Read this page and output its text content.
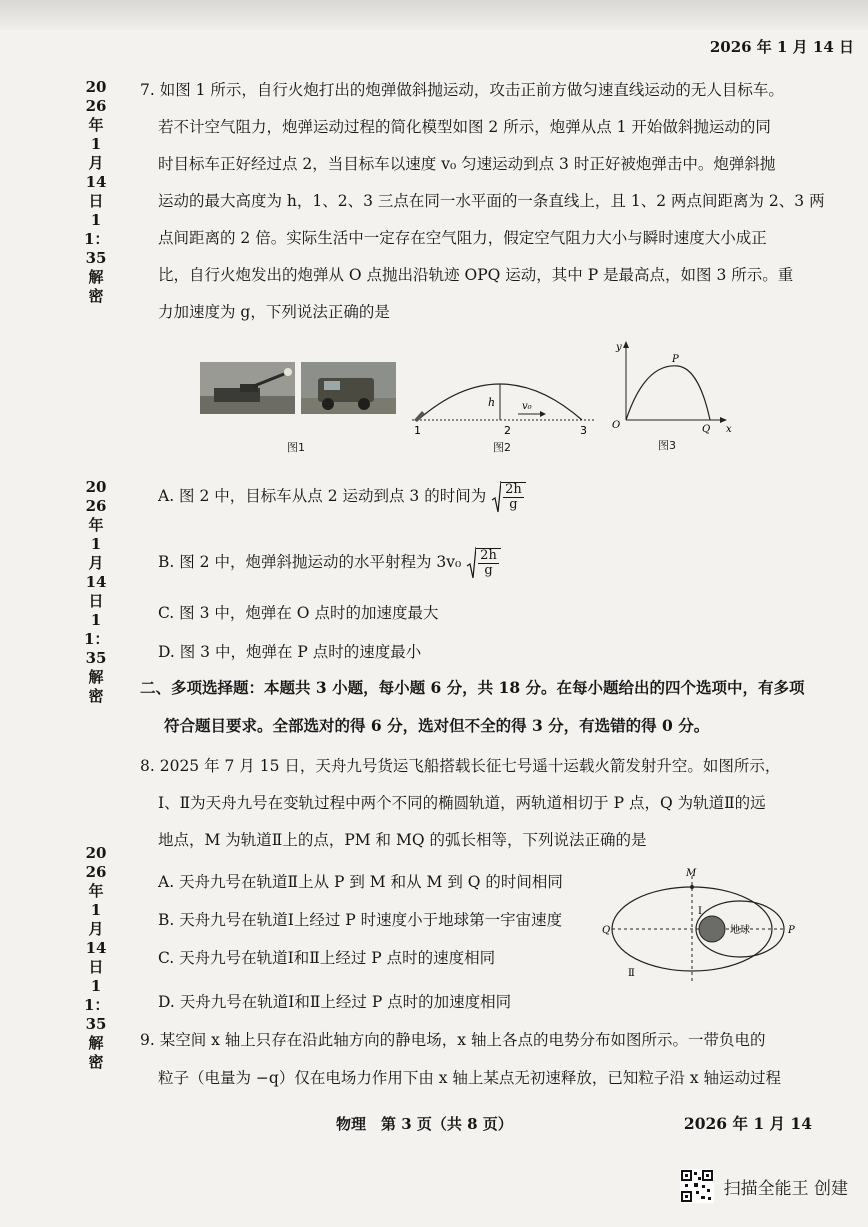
2026 年 1 月 14 日
2026年1月14日11：35解密
2026年1月14日11：35解密
2026年1月14日11：35解密

7. 如图 1 所示，自行火炮打出的炮弹做斜抛运动，攻击正前方做匀速直线运动的无人目标车。

若不计空气阻力，炮弹运动过程的简化模型如图 2 所示，炮弹从点 1 开始做斜抛运动的同

时目标车正好经过点 2，当目标车以速度 v₀ 匀速运动到点 3 时正好被炮弹击中。炮弹斜抛

运动的最大高度为 h，1、2、3 三点在同一水平面的一条直线上，且 1、2 两点间距离为 2、3 两

点间距离的 2 倍。实际生活中一定存在空气阻力，假定空气阻力大小与瞬时速度大小成正

比，自行火炮发出的炮弹从 O 点抛出沿轨迹 OPQ 运动，其中 P 是最高点，如图 3 所示。重

力加速度为 g，下列说法正确的是

图1
1	2	3
h	v₀
图2
y
x
O
P
Q
图3
A. 图 2 中，目标车从点 2 运动到点 3 的时间为 $\frac{2h}{g}$
B. 图 2 中，炮弹斜抛运动的水平射程为 $3v_0 \frac{2h}{g}$

C. 图 3 中，炮弹在 O 点时的加速度最大

D. 图 3 中，炮弹在 P 点时的速度最小

二、多项选择题：本题共 3 小题，每小题 6 分，共 18 分。在每小题给出的四个选项中，有多项

符合题目要求。全部选对的得 6 分，选对但不全的得 3 分，有选错的得 0 分。

8. 2025 年 7 月 15 日，天舟九号货运飞船搭载长征七号遥十运载火箭发射升空。如图所示，

Ⅰ、Ⅱ为天舟九号在变轨过程中两个不同的椭圆轨道，两轨道相切于 P 点，Q 为轨道Ⅱ的远

地点，M 为轨道Ⅱ上的点，PM 和 MQ 的弧长相等，下列说法正确的是

A. 天舟九号在轨道Ⅱ上从 P 到 M 和从 M 到 Q 的时间相同

B. 天舟九号在轨道Ⅰ上经过 P 时速度小于地球第一宇宙速度

C. 天舟九号在轨道Ⅰ和Ⅱ上经过 P 点时的速度相同

D. 天舟九号在轨道Ⅰ和Ⅱ上经过 P 点时的加速度相同

M
Q	P
地球
Ⅰ
Ⅱ

9. 某空间 x 轴上只存在沿此轴方向的静电场，x 轴上各点的电势分布如图所示。一带负电的

粒子（电量为 −q）仅在电场力作用下由 x 轴上某点无初速释放，已知粒子沿 x 轴运动过程

物理　第 3 页（共 8 页）	2026 年 1 月 14
扫描全能王 创建
